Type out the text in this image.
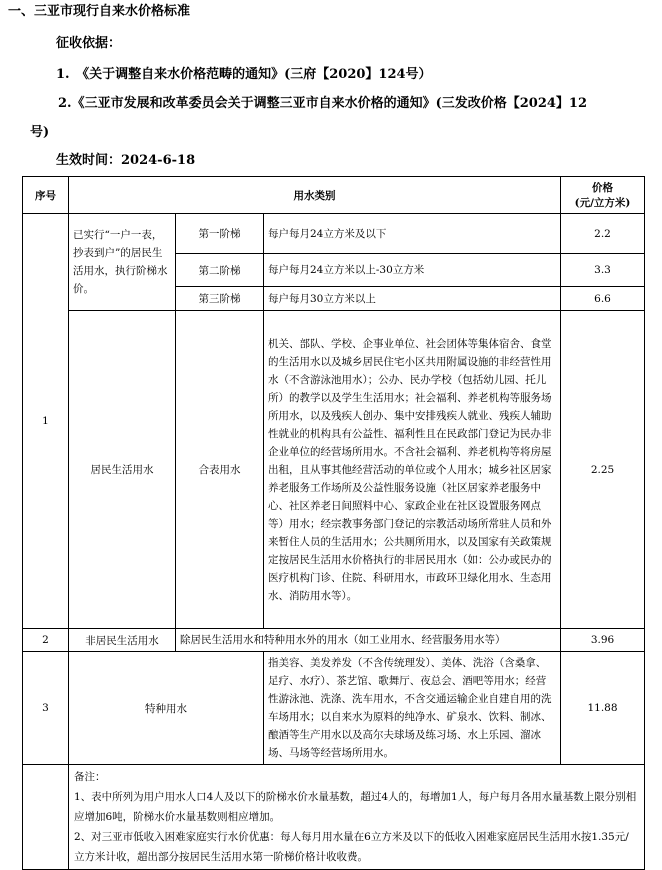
一、三亚市现行自来水价格标准
征收依据：
1.　《关于调整自来水价格范畴的通知》(三府【2020】124号）
2.《三亚市发展和改革委员会关于调整三亚市自来水价格的通知》(三发改价格【2024】12
号)
生效时间：2024-6-18
序号	用水类别			价格
(元/立方米)

1	已实行“一户一表，抄表到户”的居民生活用水，执行阶梯水价。	第一阶梯	每户每月24立方米及以下	2.2
		第二阶梯	每户每月24立方米以上-30立方米	3.3
		第三阶梯	每户每月30立方米以上	6.6
	居民生活用水	合表用水	机关、部队、学校、企事业单位、社会团体等集体宿舍、食堂的生活用水以及城乡居民住宅小区共用附属设施的非经营性用水（不含游泳池用水）；公办、民办学校（包括幼儿园、托儿所）的教学以及学生生活用水；社会福利、养老机构等服务场所用水，以及残疾人创办、集中安排残疾人就业、残疾人辅助性就业的机构具有公益性、福利性且在民政部门登记为民办非企业单位的经营场所用水。不含社会福利、养老机构等将房屋出租，且从事其他经营活动的单位或个人用水；城乡社区居家养老服务工作场所及公益性服务设施（社区居家养老服务中心、社区养老日间照料中心、家政企业在社区设置服务网点等）用水；经宗教事务部门登记的宗教活动场所常驻人员和外来暂住人员的生活用水；公共厕所用水，以及国家有关政策规定按居民生活用水价格执行的非居民用水（如：公办或民办的医疗机构门诊、住院、科研用水，市政环卫绿化用水、生态用水、消防用水等）。	2.25
2	非居民生活用水	除居民生活用水和特种用水外的用水（如工业用水、经营服务用水等）		3.96
3	特种用水		指美容、美发养发（不含传统理发）、美体、洗浴（含桑拿、足疗、水疗）、茶艺馆、歌舞厅、夜总会、酒吧等用水；经营性游泳池、洗涤、洗车用水，不含交通运输企业自建自用的洗车场用水；以自来水为原料的纯净水、矿泉水、饮料、制冰、酿酒等生产用水以及高尔夫球场及练习场、水上乐园、溜冰场、马场等经营场所用水。	11.88

	备注：
1、表中所列为用户用水人口4人及以下的阶梯水价水量基数，超过4人的，每增加1人，每户每月各用水量基数上限分别相应增加6吨，阶梯水价水量基数则相应增加。
2、对三亚市低收入困难家庭实行水价优惠：每人每月用水量在6立方米及以下的低收入困难家庭居民生活用水按1.35元/立方米计收，超出部分按居民生活用水第一阶梯价格计收收费。			
